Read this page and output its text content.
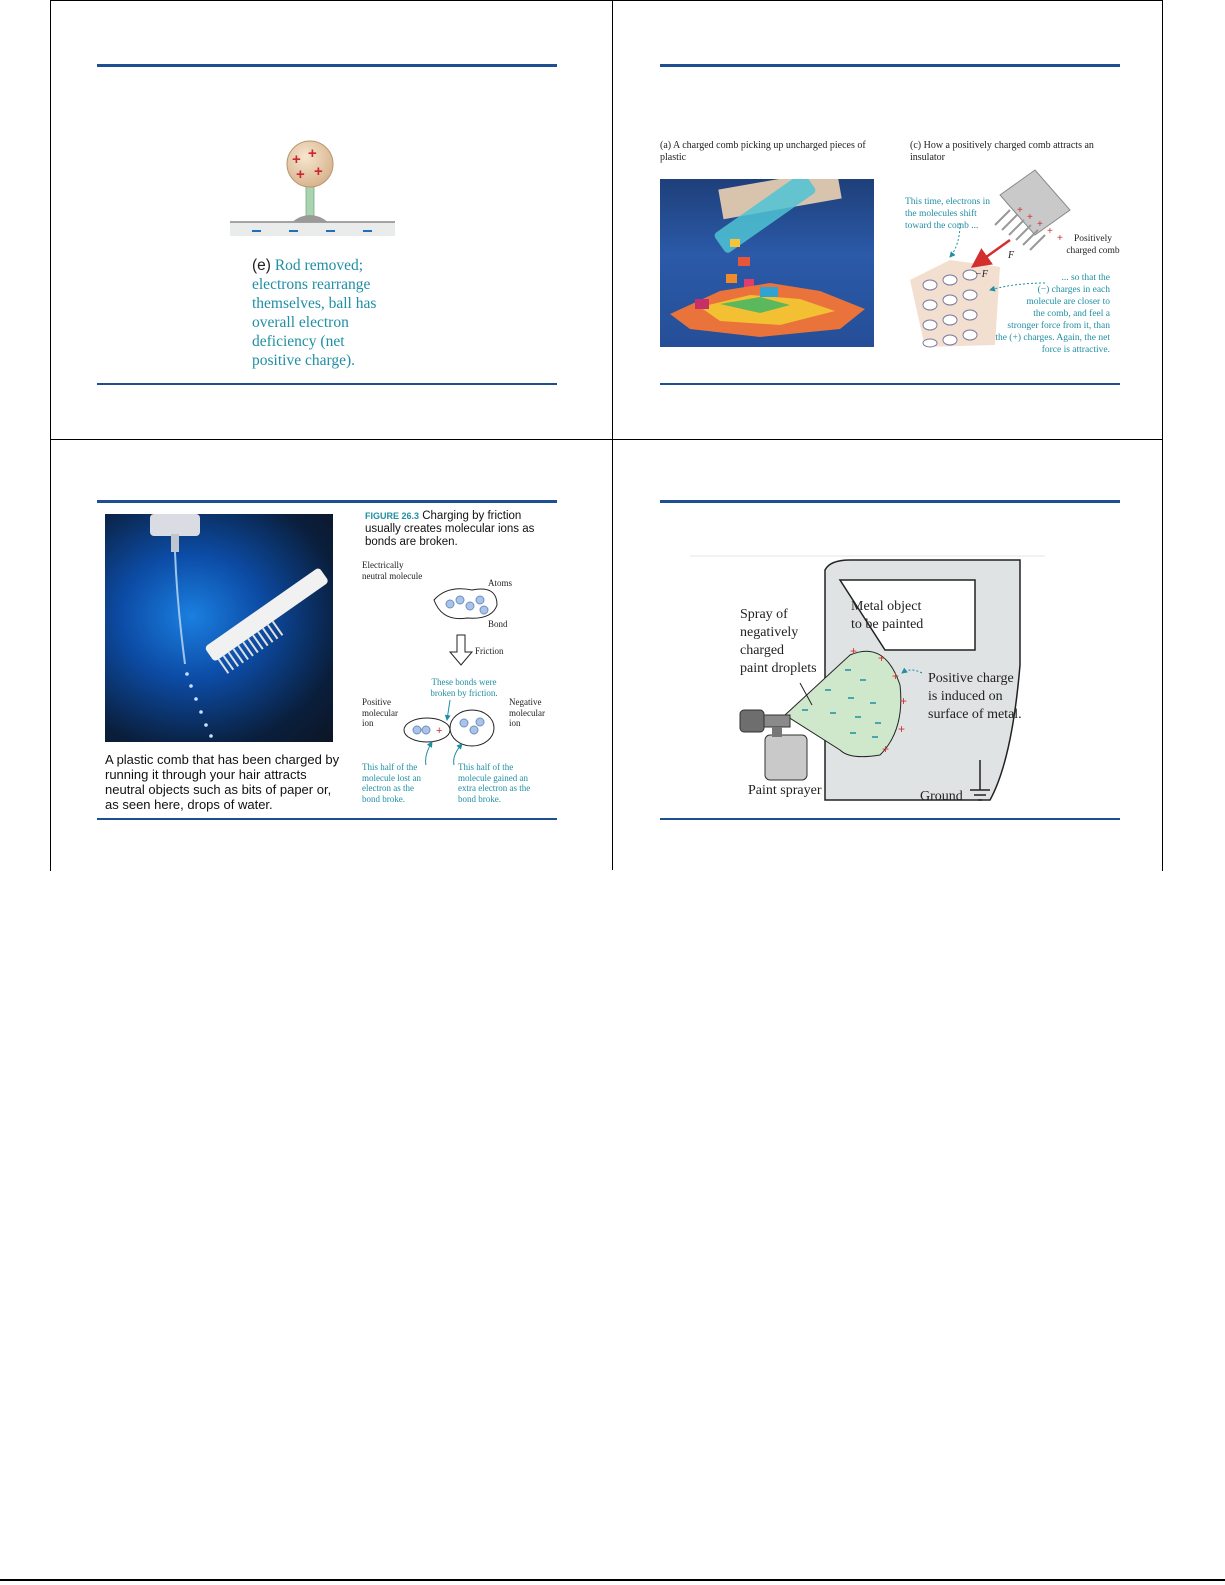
+ +
+ +
(e) Rod removed;
electrons rearrange
themselves, ball has
overall electron
deficiency (net
positive charge).
(a) A charged comb picking up uncharged pieces of plastic
(c) How a positively charged comb attracts an insulator
+
+
+
+
+
F
−F
This time, electrons in
the molecules shift
toward the comb ...
Positively
charged comb
... so that the
(−) charges in each
molecule are closer to
the comb, and feel a
stronger force from it, than
the (+) charges. Again, the net
force is attractive.
A plastic comb that has been charged by running it through your hair attracts neutral objects such as bits of paper or, as seen here, drops of water.
FIGURE 26.3 Charging by friction usually creates molecular ions as bonds are broken.
+
Electrically
neutral molecule
Atoms
Bond
Friction
These bonds were
broken by friction.
Positive
molecular
ion
Negative
molecular
ion
This half of the
molecule lost an
electron as the
bond broke.
This half of the
molecule gained an
extra electron as the
bond broke.
+ +
+
+
+
+
Spray of
negatively
charged
paint droplets
Metal object
to be painted
Positive charge
is induced on
surface of metal.
Paint sprayer	Ground
